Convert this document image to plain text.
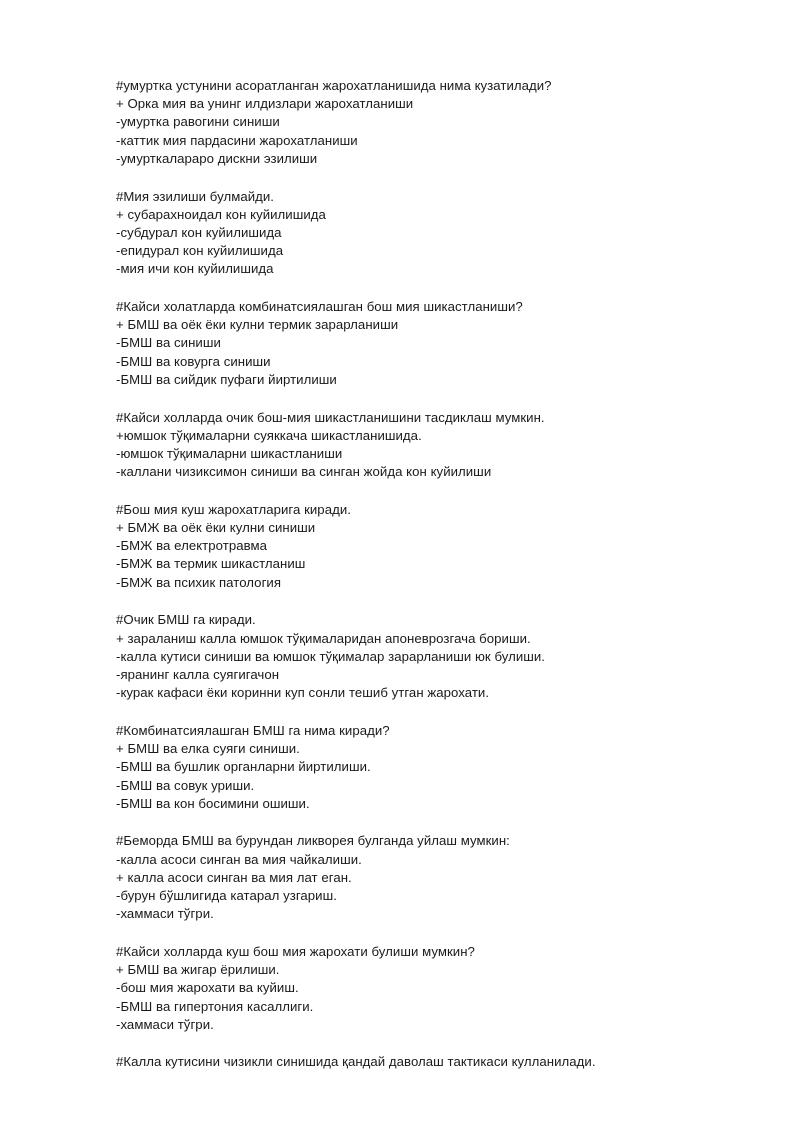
#умуртка устунини асоратланган жарохатланишида нима кузатилади?
+ Орка мия ва унинг илдизлари жарохатланиши
-умуртка равогини синиши
-каттик мия пардасини жарохатланиши
-умурткалараро дискни эзилиши
#Мия эзилиши булмайди.
+ субарахноидал кон куйилишида
-субдурал кон куйилишида
-епидурал кон куйилишида
-мия ичи кон куйилишида
#Кайси холатларда комбинатсиялашган бош мия шикастланиши?
+ БМШ ва оёк ёки кулни термик зарарланиши
-БМШ ва синиши
-БМШ ва ковурга синиши
-БМШ ва сийдик пуфаги йиртилиши
#Кайси холларда очик бош-мия шикастланишини тасдиклаш мумкин.
+юмшок тўқималарни суяккача шикастланишида.
-юмшок тўқималарни шикастланиши
-каллани чизиксимон синиши ва синган жойда кон куйилиши
#Бош мия куш жарохатларига киради.
+ БМЖ ва оёк ёки кулни синиши
-БМЖ ва електротравма
-БМЖ ва термик шикастланиш
-БМЖ ва психик патология
#Очик БМШ га киради.
+ зараланиш калла юмшок тўқималаридан апоневрозгача бориши.
-калла кутиси синиши ва юмшок тўқималар зарарланиши юк булиши.
-яранинг калла суягигачон
-курак кафаси ёки коринни куп сонли тешиб утган жарохати.
#Комбинатсиялашган БМШ га нима киради?
+ БМШ ва елка суяги синиши.
-БМШ ва бушлик органларни йиртилиши.
-БМШ ва совук уриши.
-БМШ ва кон босимини ошиши.
#Беморда БМШ ва бурундан ликворея булганда уйлаш мумкин:
-калла асоси синган ва мия чайкалиши.
+ калла асоси синган ва мия лат еган.
-бурун бўшлигида катарал узгариш.
-хаммаси тўгри.
#Кайси холларда куш бош мия жарохати булиши мумкин?
+ БМШ ва жигар ёрилиши.
-бош мия жарохати ва куйиш.
-БМШ ва гипертония касаллиги.
-хаммаси тўгри.
#Калла кутисини чизикли синишида қандай даволаш тактикаси кулланилади.
